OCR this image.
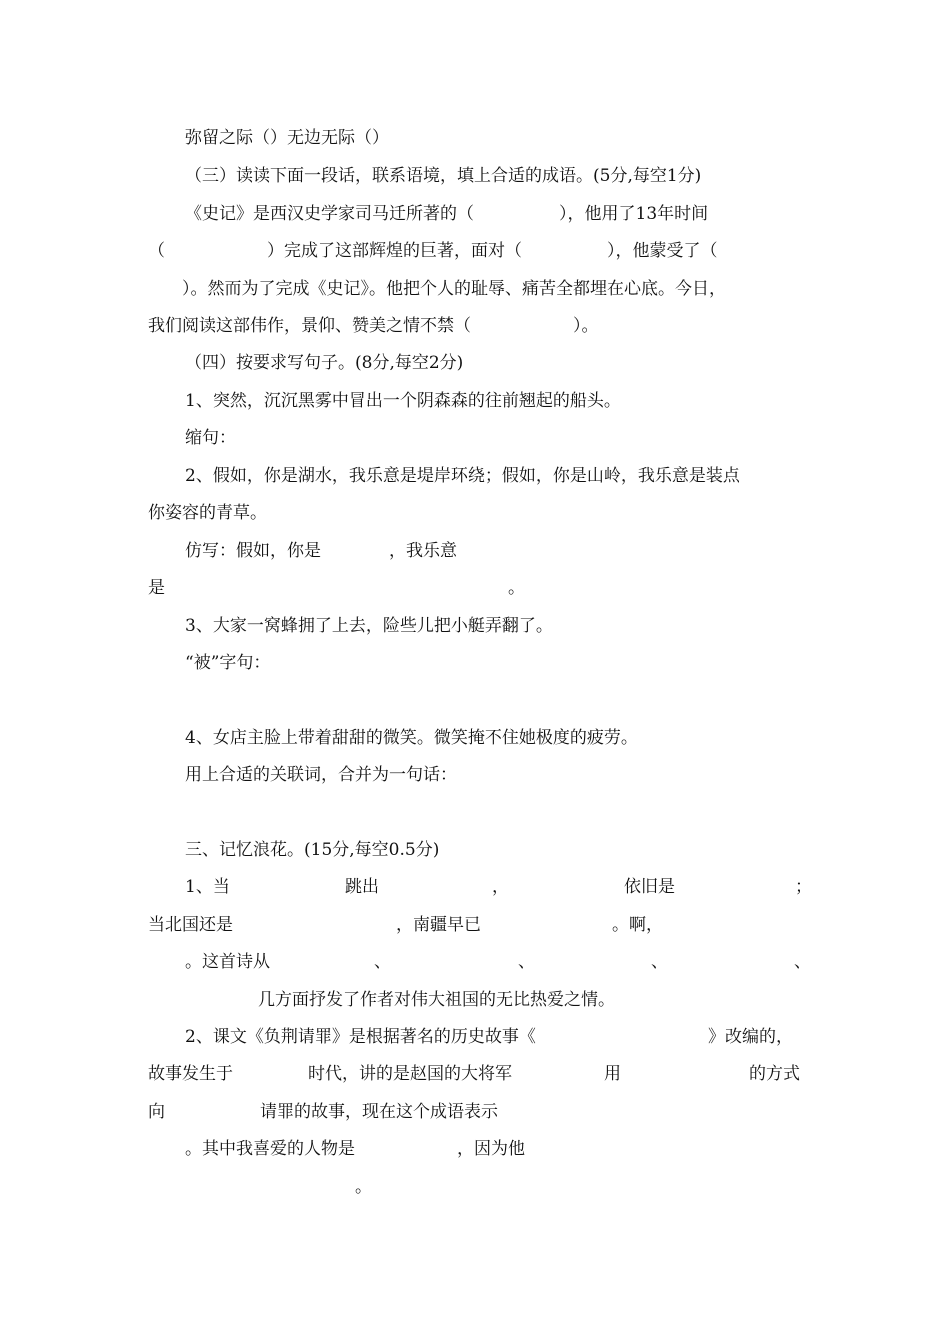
弥留之际（）无边无际（）
（三）读读下面一段话，联系语境，填上合适的成语。(5分,每空1分)
《史记》是西汉史学家司马迁所著的（　　　　　），他用了13年时间
（　　　　　　）完成了这部辉煌的巨著，面对（　　　　　），他蒙受了（
　）。然而为了完成《史记》。他把个人的耻辱、痛苦全都埋在心底。今日，
我们阅读这部伟作，景仰、赞美之情不禁（　　　　　　）。
（四）按要求写句子。(8分,每空2分)
1、突然，沉沉黑雾中冒出一个阴森森的往前翘起的船头。
缩句：
2、假如，你是湖水，我乐意是堤岸环绕；假如，你是山岭，我乐意是装点
你姿容的青草。
仿写：假如，你是　　　　，我乐意
是	。
3、大家一窝蜂拥了上去，险些儿把小艇弄翻了。
“被”字句：
4、女店主脸上带着甜甜的微笑。微笑掩不住她极度的疲劳。
用上合适的关联词，合并为一句话：
三、记忆浪花。(15分,每空0.5分)
1、当	跳出	，	依旧是	；
当北国还是	，南疆早已	。啊，
。这首诗从	、	、	、	、
几方面抒发了作者对伟大祖国的无比热爱之情。
2、课文《负荆请罪》是根据著名的历史故事《	》改编的，
故事发生于	时代，讲的是赵国的大将军	用	的方式
向	请罪的故事，现在这个成语表示
。其中我喜爱的人物是	，因为他
。
